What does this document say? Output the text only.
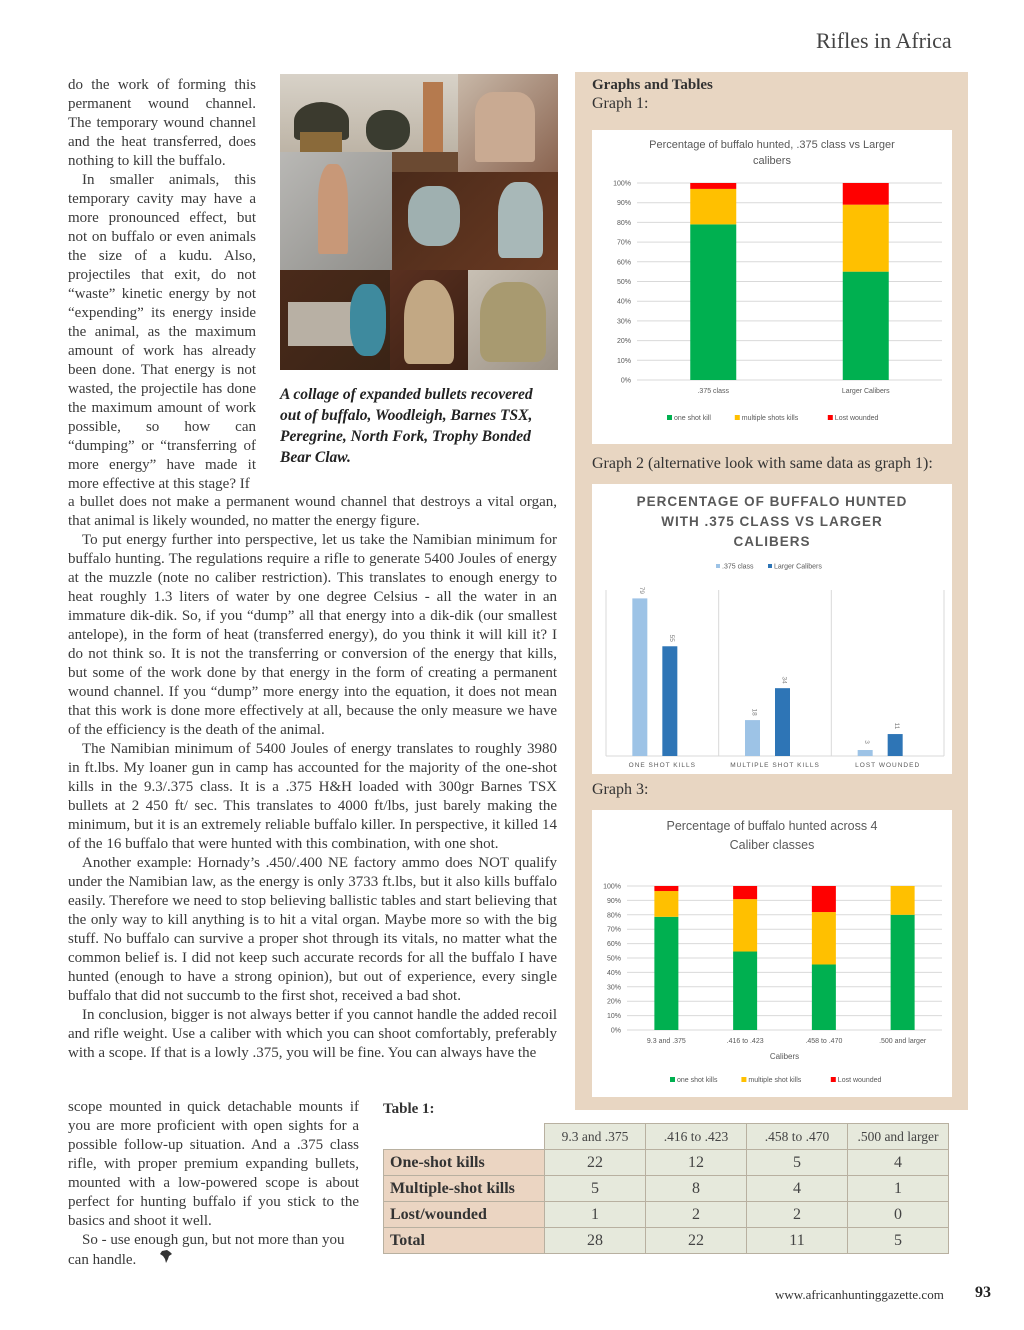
Rifles in Africa

do the work of forming this permanent wound channel. The temporary wound channel and the heat transferred, does nothing to kill the buffalo.

In smaller animals, this temporary cavity may have a more pronounced effect, but not on buffalo or even animals the size of a kudu. Also, projectiles that exit, do not “waste” kinetic energy by not “expending” its energy inside the animal, as the maximum amount of work has already been done. That energy is not wasted, the projectile has done the maximum amount of work possible, so how can “dumping” or “transferring of more energy” have made it more effective at this stage? If

A collage of expanded bullets recovered out of buffalo, Woodleigh, Barnes TSX, Peregrine, North Fork, Trophy Bonded Bear Claw.

a bullet does not make a permanent wound channel that destroys a vital organ, that animal is likely wounded, no matter the energy figure.

To put energy further into perspective, let us take the Namibian minimum for buffalo hunting. The regulations require a rifle to generate 5400 Joules of energy at the muzzle (note no caliber restriction). This translates to enough energy to heat roughly 1.3 liters of water by one degree Celsius - all the water in an immature dik-dik. So, if you “dump” all that energy into a dik-dik (our smallest antelope), in the form of heat (transferred energy), do you think it will kill it? I do not think so. It is not the transferring or conversion of the energy that kills, but some of the work done by that energy in the form of creating a permanent wound channel. If you “dump” more energy into the equation, it does not mean that this work is done more effectively at all, because the only measure we have of the efficiency is the death of the animal.

The Namibian minimum of 5400 Joules of energy translates to roughly 3980 in ft.lbs. My loaner gun in camp has accounted for the majority of the one-shot kills in the 9.3/.375 class. It is a .375 H&H loaded with 300gr Barnes TSX bullets at 2 450 ft/ sec. This translates to 4000 ft/lbs, just barely making the minimum, but it is an extremely reliable buffalo killer. In perspective, it killed 14 of the 16 buffalo that were hunted with this combination, with one shot.

Another example: Hornady’s .450/.400 NE factory ammo does NOT qualify under the Namibian law, as the energy is only 3733 ft.lbs, but it also kills buffalo easily. Therefore we need to stop believing ballistic tables and start believing that the only way to kill anything is to hit a vital organ. Maybe more so with the big stuff. No buffalo can survive a proper shot through its vitals, no matter what the common belief is. I did not keep such accurate records for all the buffalo I have hunted (enough to have a strong opinion), but out of experience, every single buffalo that did not succumb to the first shot, received a bad shot.

In conclusion, bigger is not always better if you cannot handle the added recoil and rifle weight. Use a caliber with which you can shoot comfortably, preferably with a scope. If that is a lowly .375, you will be fine. You can always have the

scope mounted in quick detachable mounts if you are more proficient with open sights for a possible follow-up situation. And a .375 class rifle, with proper premium expanding bullets, mounted with a low-powered scope is about perfect for hunting buffalo if you stick to the basics and shoot it well.

So - use enough gun, but not more than you can handle.

Graphs and Tables
Graph 1:
Percentage of buffalo hunted, .375 class vs Larger
calibers
0%
10%
20%
30%
40%
50%
60%
70%
80%
90%
100%
.375 class	Larger Calibers
one shot kill	multiple shots kills	Lost wounded
Graph 2 (alternative look with same data as graph 1):
PERCENTAGE OF BUFFALO HUNTED
WITH .375 CLASS VS LARGER
CALIBERS
.375 class	Larger Calibers
79
55
ONE SHOT KILLS
18
34
MULTIPLE SHOT KILLS
3
11
LOST WOUNDED
Graph 3:
Percentage of buffalo hunted across 4
Caliber classes
0%
10%
20%
30%
40%
50%
60%
70%
80%
90%
100%
9.3 and .375	.416 to .423	.458 to .470	.500 and larger
Calibers
one shot kills	multiple shot kills	Lost wounded
Table 1:
	9.3 and .375	.416 to .423	.458 to .470	.500 and larger
One-shot kills	22	12	5	4
Multiple-shot kills	5	8	4	1
Lost/wounded	1	2	2	0
Total	28	22	11	5
www.africanhuntinggazette.com 93
